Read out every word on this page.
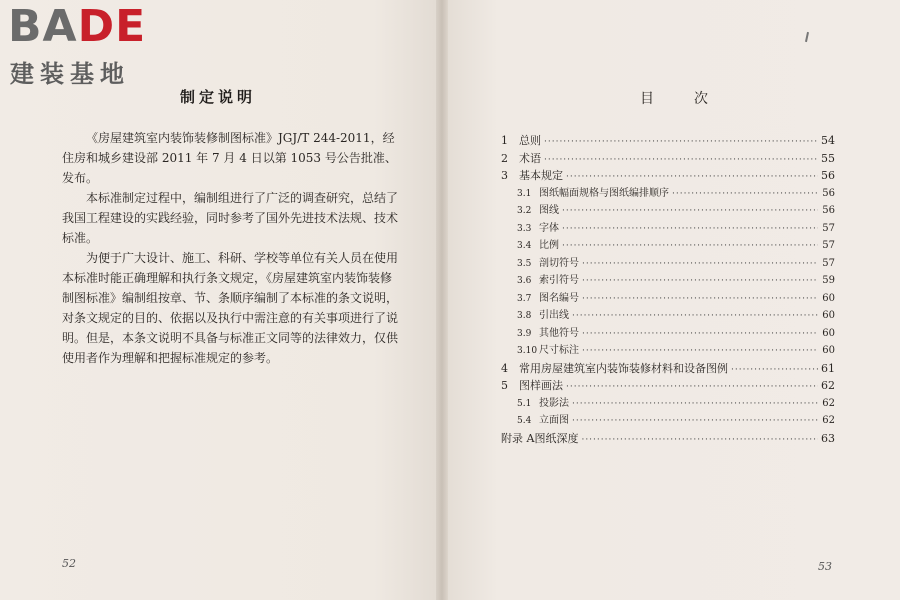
BADE
建装基地
制定说明

《房屋建筑室内装饰装修制图标准》JGJ/T 244-2011，经住房和城乡建设部 2011 年 7 月 4 日以第 1053 号公告批准、发布。

本标准制定过程中，编制组进行了广泛的调查研究，总结了我国工程建设的实践经验，同时参考了国外先进技术法规、技术标准。

为便于广大设计、施工、科研、学校等单位有关人员在使用本标准时能正确理解和执行条文规定，《房屋建筑室内装饰装修制图标准》编制组按章、节、条顺序编制了本标准的条文说明，对条文规定的目的、依据以及执行中需注意的有关事项进行了说明。但是，本条文说明不具备与标准正文同等的法律效力，仅供使用者作为理解和把握标准规定的参考。

52
目 次
1	总则 ·····	54
2	术语 ·····	55
3	基本规定 ·····	56
3.1 图纸幅面规格与图纸编排顺序 ·····	56
3.2 图线 ·····	56
3.3 字体 ·····	57
3.4 比例 ·····	57
3.5 剖切符号 ·····	57
3.6 索引符号 ·····	59
3.7 图名编号 ·····	60
3.8 引出线 ·····	60
3.9 其他符号 ·····	60
3.10 尺寸标注 ·····	60
4	常用房屋建筑室内装饰装修材料和设备图例 ·····	61
5	图样画法 ·····	62
5.1 投影法 ·····	62
5.4 立面图 ·····	62
附录 A 图纸深度 ·····	63
53
